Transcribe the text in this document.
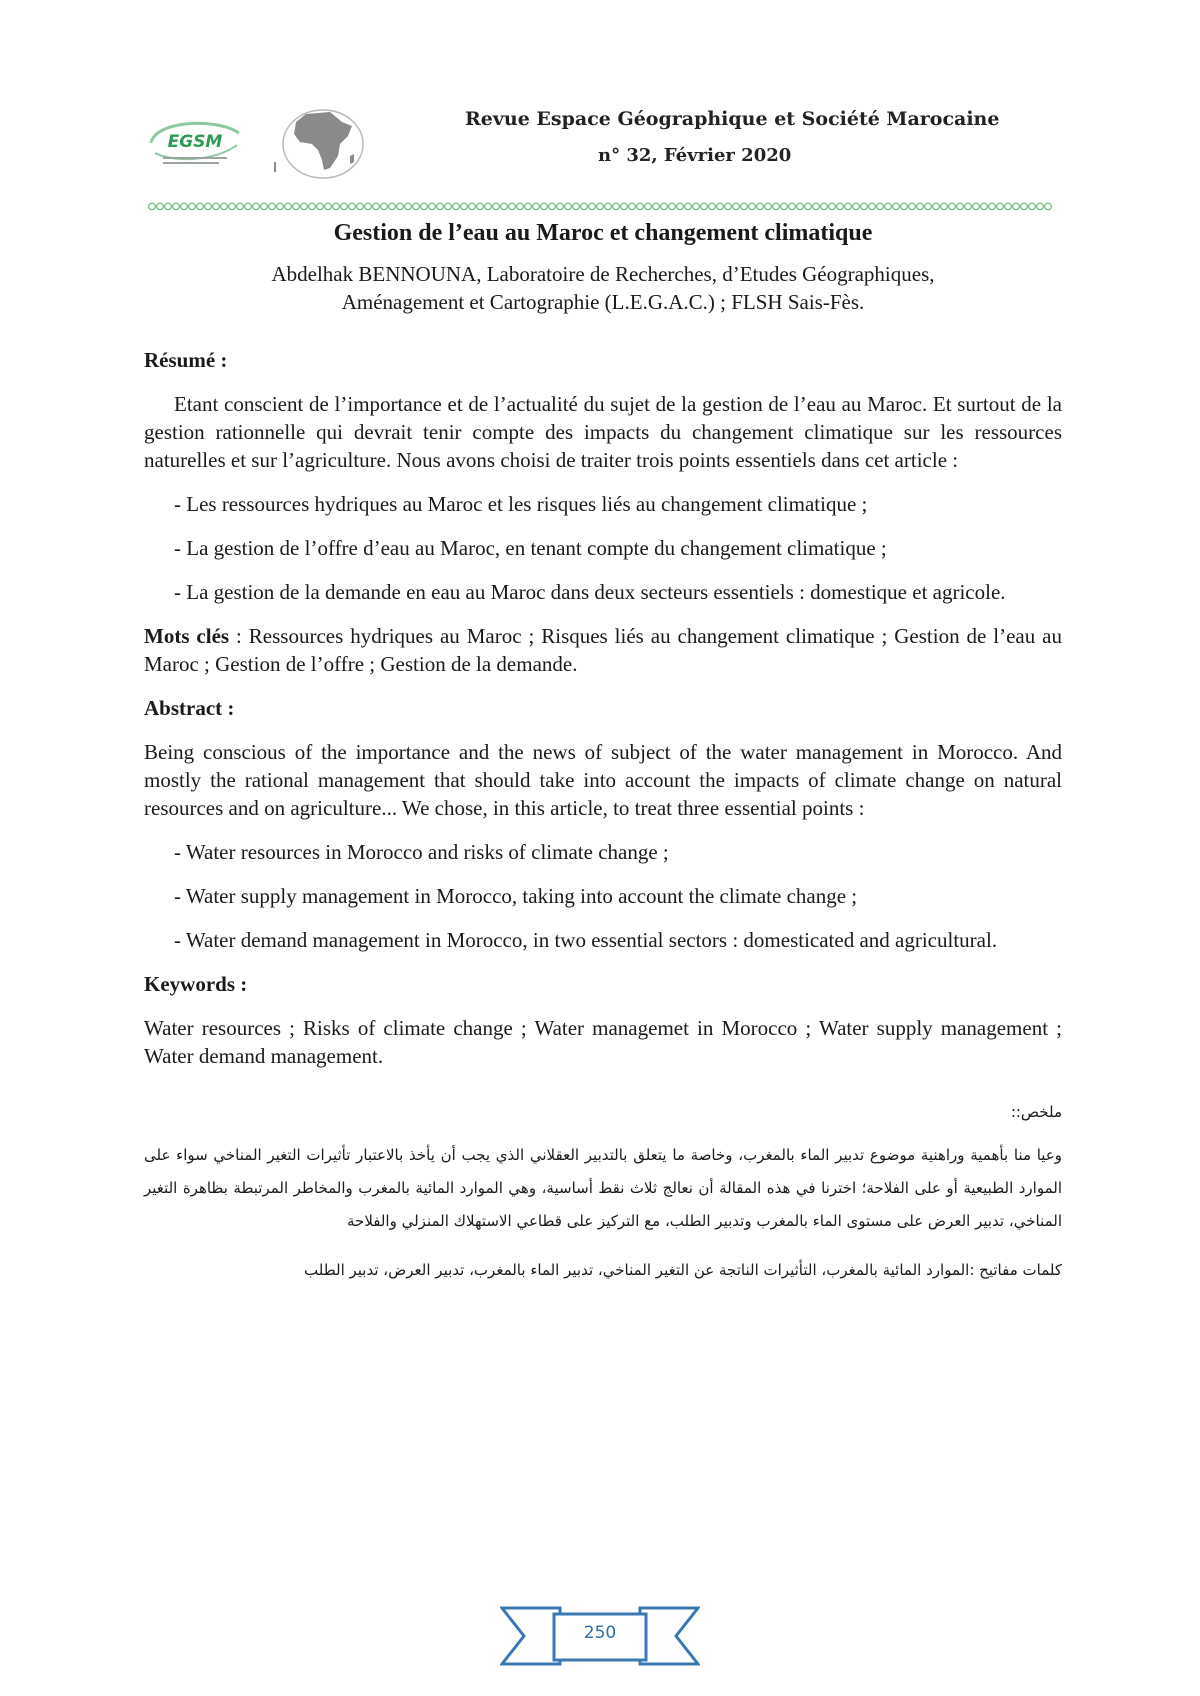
EGSM
Revue Espace Géographique et Société Marocaine
n° 32, Février 2020
Gestion de l’eau au Maroc et changement climatique
Abdelhak BENNOUNA, Laboratoire de Recherches, d’Etudes Géographiques,
Aménagement et Cartographie (L.E.G.A.C.) ; FLSH Sais-Fès.

Résumé :

Etant conscient de l’importance et de l’actualité du sujet de la gestion de l’eau au Maroc. Et surtout de la gestion rationnelle qui devrait tenir compte des impacts du changement climatique sur les ressources naturelles et sur l’agriculture. Nous avons choisi de traiter trois points essentiels dans cet article :

- Les ressources hydriques au Maroc et les risques liés au changement climatique ;

- La gestion de l’offre d’eau au Maroc, en tenant compte du changement climatique ;

- La gestion de la demande en eau au Maroc dans deux secteurs essentiels : domestique et agricole.

Mots clés : Ressources hydriques au Maroc ; Risques liés au changement climatique ; Gestion de l’eau au Maroc ; Gestion de l’offre ; Gestion de la demande.

Abstract :

Being conscious of the importance and the news of subject of the water management in Morocco. And mostly the rational management that should take into account the impacts of climate change on natural resources and on agriculture... We chose, in this article, to treat three essential points :

- Water resources in Morocco and risks of climate change ;

- Water supply management in Morocco, taking into account the climate change ;

- Water demand management in Morocco, in two essential sectors : domesticated and agricultural.

Keywords :

Water resources ; Risks of climate change ; Water managemet in Morocco ; Water supply management ; Water demand management.

ملخص::

وعيا منا بأهمية وراهنية موضوع تدبير الماء بالمغرب، وخاصة ما يتعلق بالتدبير العقلاني الذي يجب أن يأخذ بالاعتبار تأثيرات التغير المناخي سواء على الموارد الطبيعية أو على الفلاحة؛ اخترنا في هذه المقالة أن نعالج ثلاث نقط أساسية، وهي الموارد المائية بالمغرب والمخاطر المرتبطة بظاهرة التغير المناخي، تدبير العرض على مستوى الماء بالمغرب وتدبير الطلب، مع التركيز على قطاعي الاستهلاك المنزلي والفلاحة

كلمات مفاتيح :الموارد المائية بالمغرب، التأثيرات الناتجة عن التغير المناخي، تدبير الماء بالمغرب، تدبير العرض، تدبير الطلب

250
